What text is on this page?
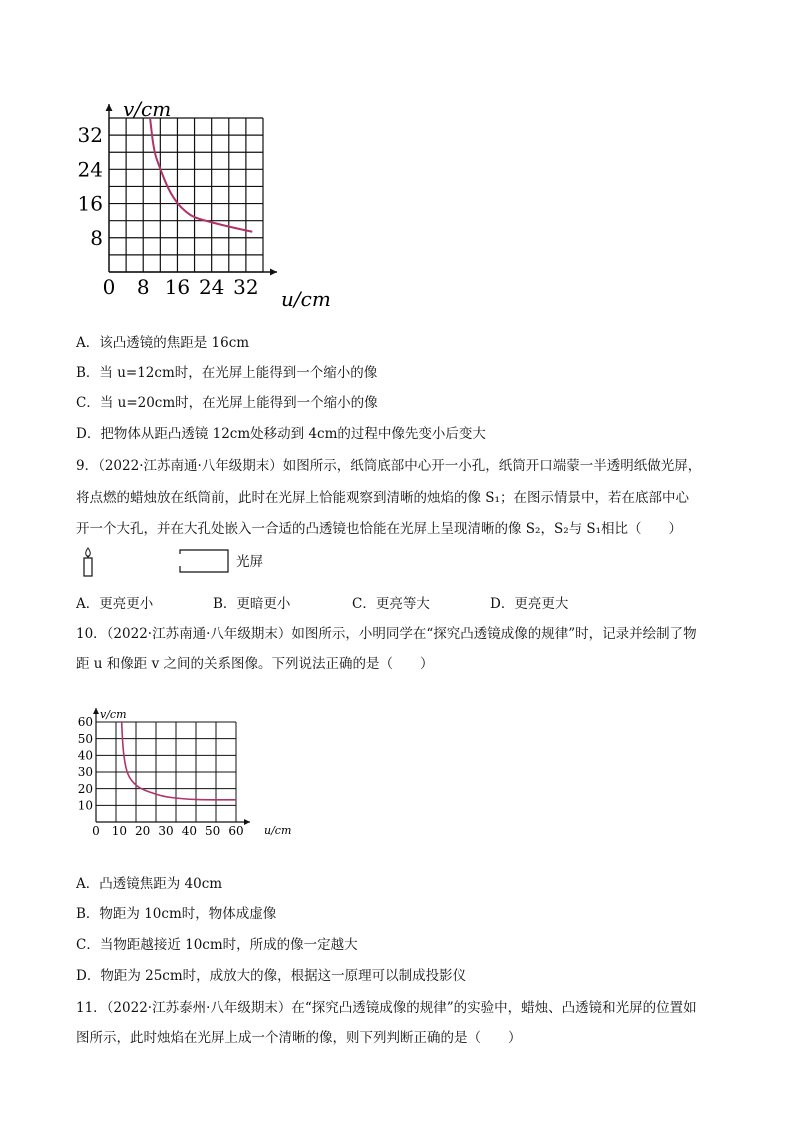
0 8 16 24 32
8
16
24
32
v/cm
u/cm
A．该凸透镜的焦距是 16cm
B．当 u=12cm时，在光屏上能得到一个缩小的像
C．当 u=20cm时，在光屏上能得到一个缩小的像
D．把物体从距凸透镜 12cm处移动到 4cm的过程中像先变小后变大
9．（2022·江苏南通·八年级期末）如图所示，纸筒底部中心开一小孔，纸筒开口端蒙一半透明纸做光屏，
将点燃的蜡烛放在纸筒前，此时在光屏上恰能观察到清晰的烛焰的像 S₁；在图示情景中，若在底部中心
开一个大孔，并在大孔处嵌入一合适的凸透镜也恰能在光屏上呈现清晰的像 S₂，S₂与 S₁相比（　　）
光屏
A．更亮更小	B．更暗更小	C．更亮等大	D．更亮更大
10．（2022·江苏南通·八年级期末）如图所示，小明同学在“探究凸透镜成像的规律”时，记录并绘制了物
距 u 和像距 v 之间的关系图像。下列说法正确的是（　　）
0 10 20 30 40 50 60
10
20
30
40
50
60
v/cm
u/cm
A．凸透镜焦距为 40cm
B．物距为 10cm时，物体成虚像
C．当物距越接近 10cm时，所成的像一定越大
D．物距为 25cm时，成放大的像，根据这一原理可以制成投影仪
11．（2022·江苏泰州·八年级期末）在“探究凸透镜成像的规律”的实验中，蜡烛、凸透镜和光屏的位置如
图所示，此时烛焰在光屏上成一个清晰的像，则下列判断正确的是（　　）
